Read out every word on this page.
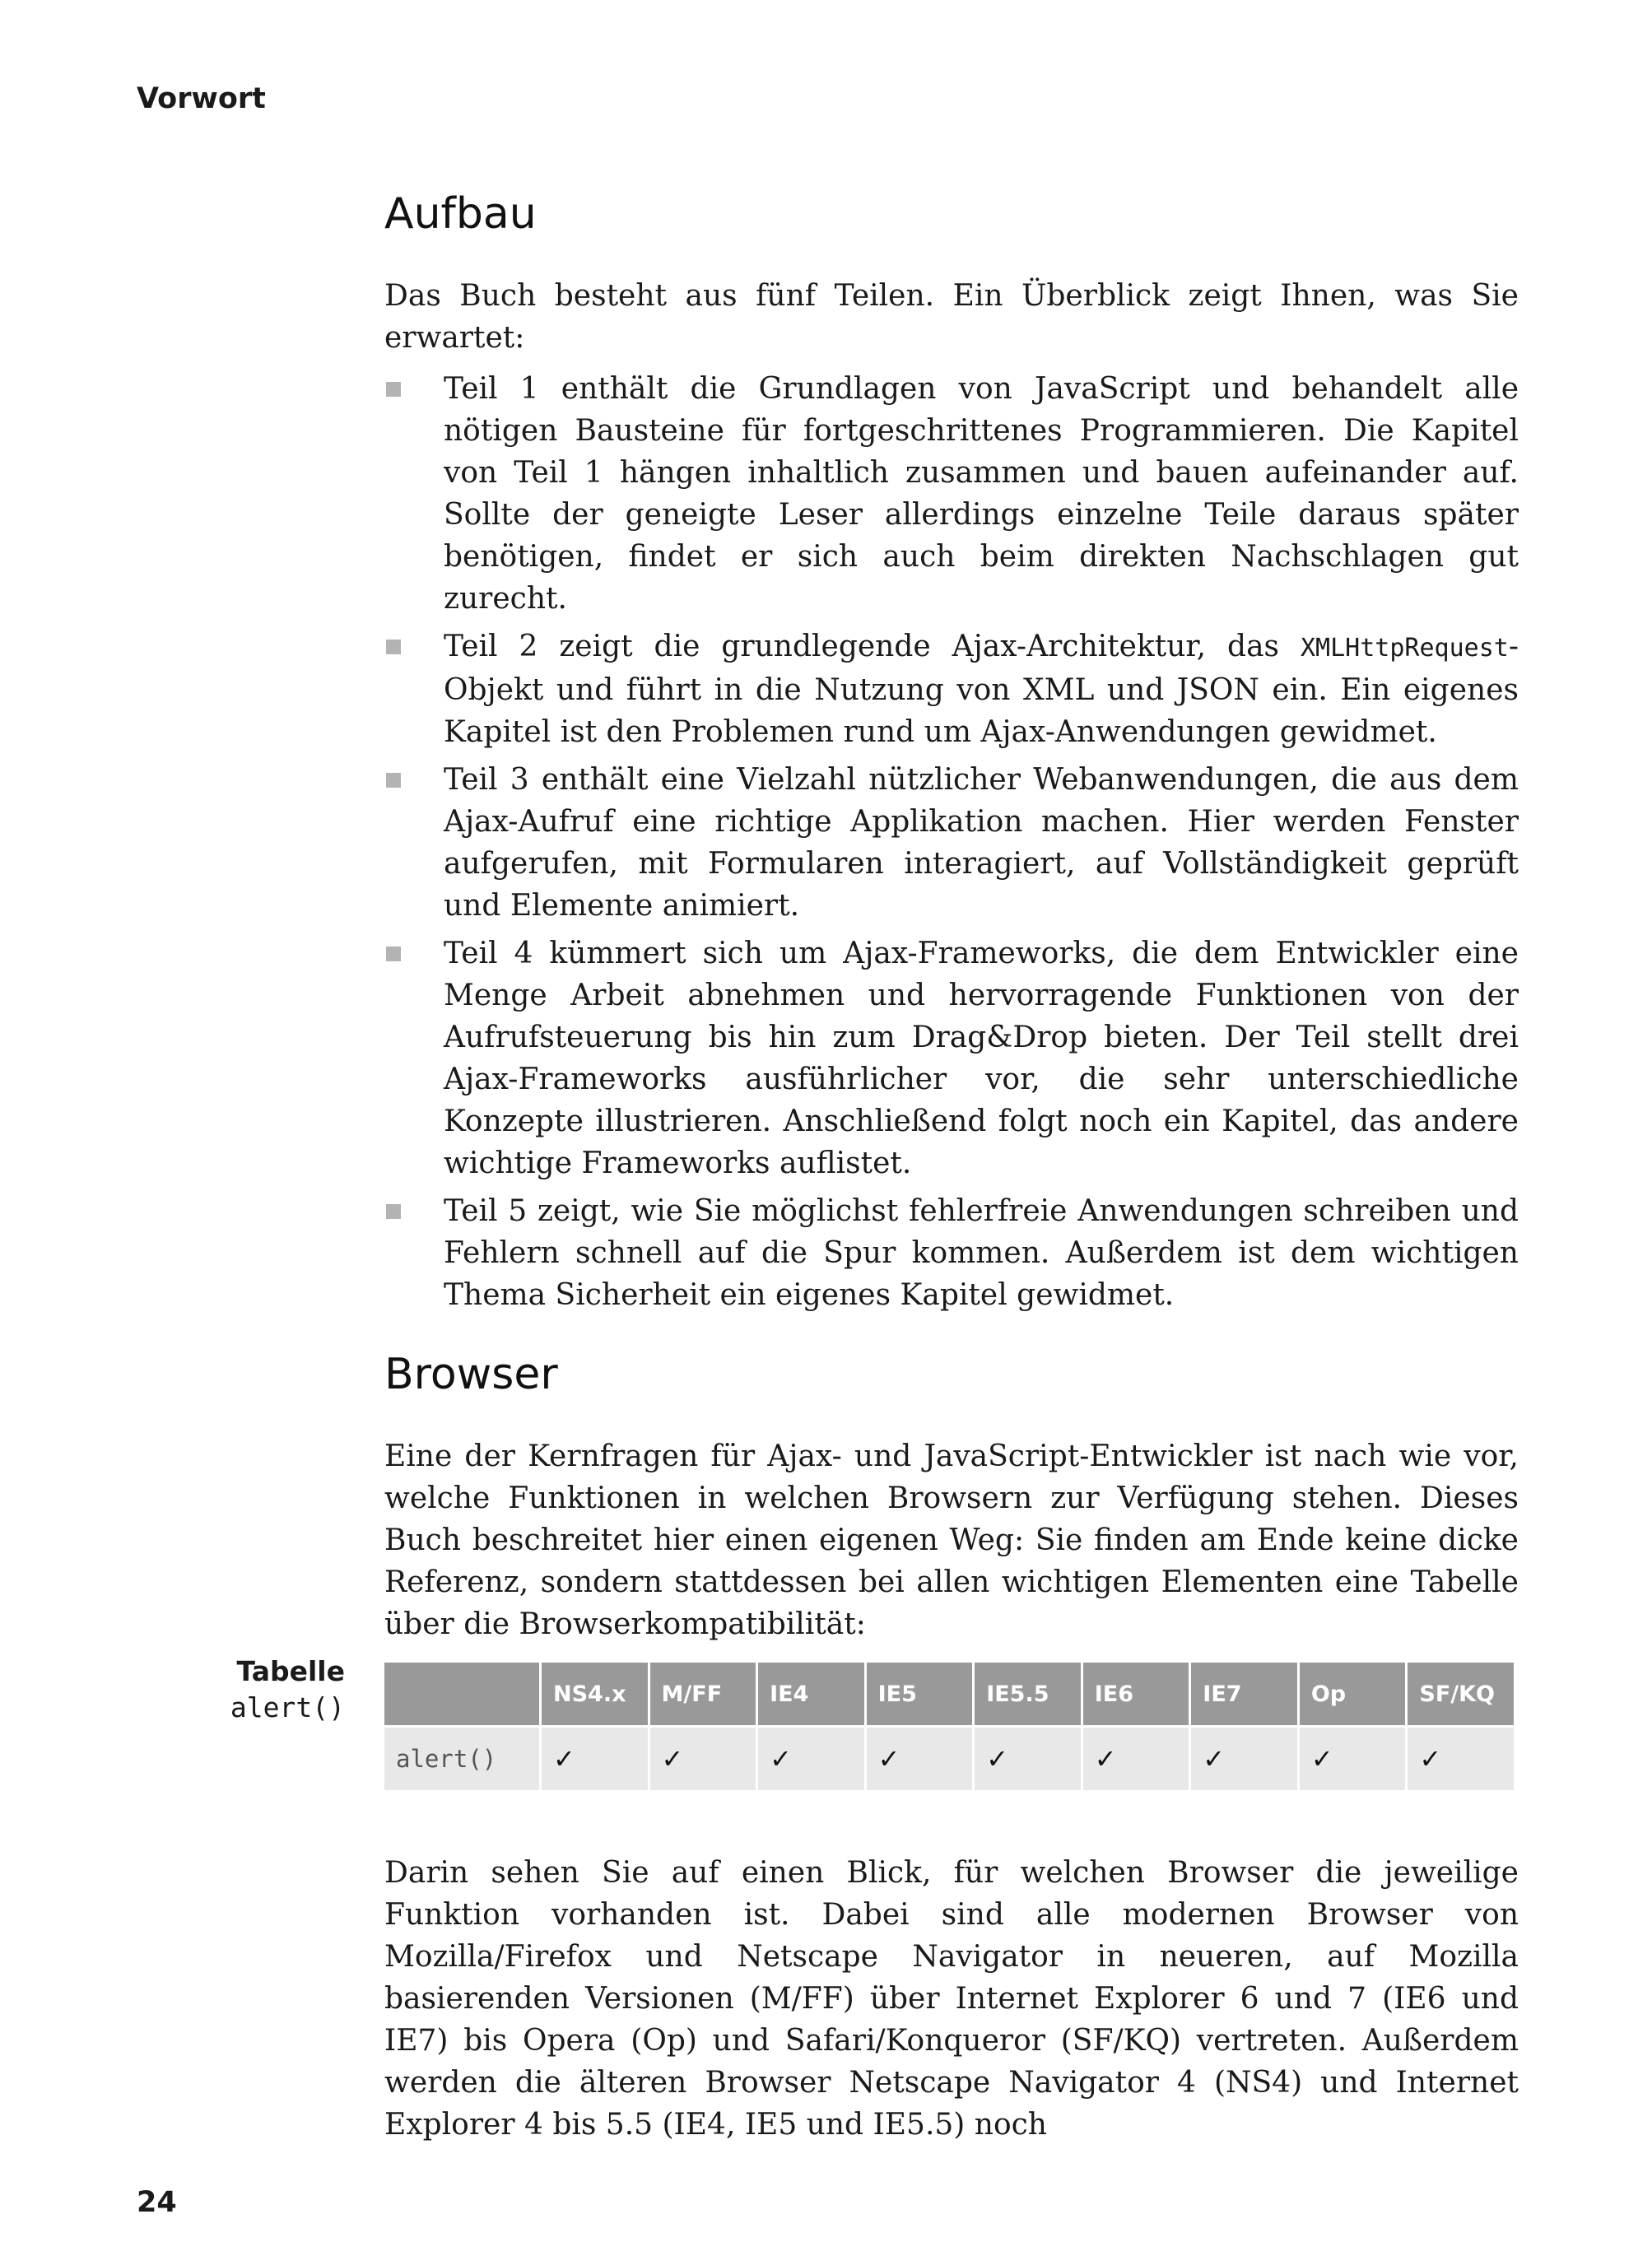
Vorwort
Aufbau

Das Buch besteht aus fünf Teilen. Ein Überblick zeigt Ihnen, was Sie erwartet:

Teil 1 enthält die Grundlagen von JavaScript und behandelt alle nötigen Bausteine für fortgeschrittenes Programmieren. Die Kapitel von Teil 1 hängen inhaltlich zusammen und bauen aufeinander auf. Sollte der geneigte Leser allerdings einzelne Teile daraus später benötigen, findet er sich auch beim direkten Nachschlagen gut zurecht.
Teil 2 zeigt die grundlegende Ajax-Architektur, das XMLHttpRequest-Objekt und führt in die Nutzung von XML und JSON ein. Ein eigenes Kapitel ist den Problemen rund um Ajax-Anwendungen gewidmet.
Teil 3 enthält eine Vielzahl nützlicher Webanwendungen, die aus dem Ajax-Aufruf eine richtige Applikation machen. Hier werden Fenster aufgerufen, mit Formularen interagiert, auf Vollständigkeit geprüft und Elemente animiert.
Teil 4 kümmert sich um Ajax-Frameworks, die dem Entwickler eine Menge Arbeit abnehmen und hervorragende Funktionen von der Aufrufsteuerung bis hin zum Drag&Drop bieten. Der Teil stellt drei Ajax-Frameworks ausführlicher vor, die sehr unterschiedliche Konzepte illustrieren. Anschließend folgt noch ein Kapitel, das andere wichtige Frameworks auflistet.
Teil 5 zeigt, wie Sie möglichst fehlerfreie Anwendungen schreiben und Fehlern schnell auf die Spur kommen. Außerdem ist dem wichtigen Thema Sicherheit ein eigenes Kapitel gewidmet.
Browser

Eine der Kernfragen für Ajax- und JavaScript-Entwickler ist nach wie vor, welche Funktionen in welchen Browsern zur Verfügung stehen. Dieses Buch beschreitet hier einen eigenen Weg: Sie finden am Ende keine dicke Referenz, sondern stattdessen bei allen wichtigen Elementen eine Tabelle über die Browserkompatibilität:

	NS4.x	M/FF	IE4	IE5	IE5.5	IE6	IE7	Op	SF/KQ
alert()	✓	✓	✓	✓	✓	✓	✓	✓	✓

Darin sehen Sie auf einen Blick, für welchen Browser die jeweilige Funktion vorhanden ist. Dabei sind alle modernen Browser von Mozilla/Firefox und Netscape Navigator in neueren, auf Mozilla basierenden Versionen (M/FF) über Internet Explorer 6 und 7 (IE6 und IE7) bis Opera (Op) und Safari/Konqueror (SF/KQ) vertreten. Außerdem werden die älteren Browser Netscape Navigator 4 (NS4) und Internet Explorer 4 bis 5.5 (IE4, IE5 und IE5.5) noch

Tabelle
alert()
24
